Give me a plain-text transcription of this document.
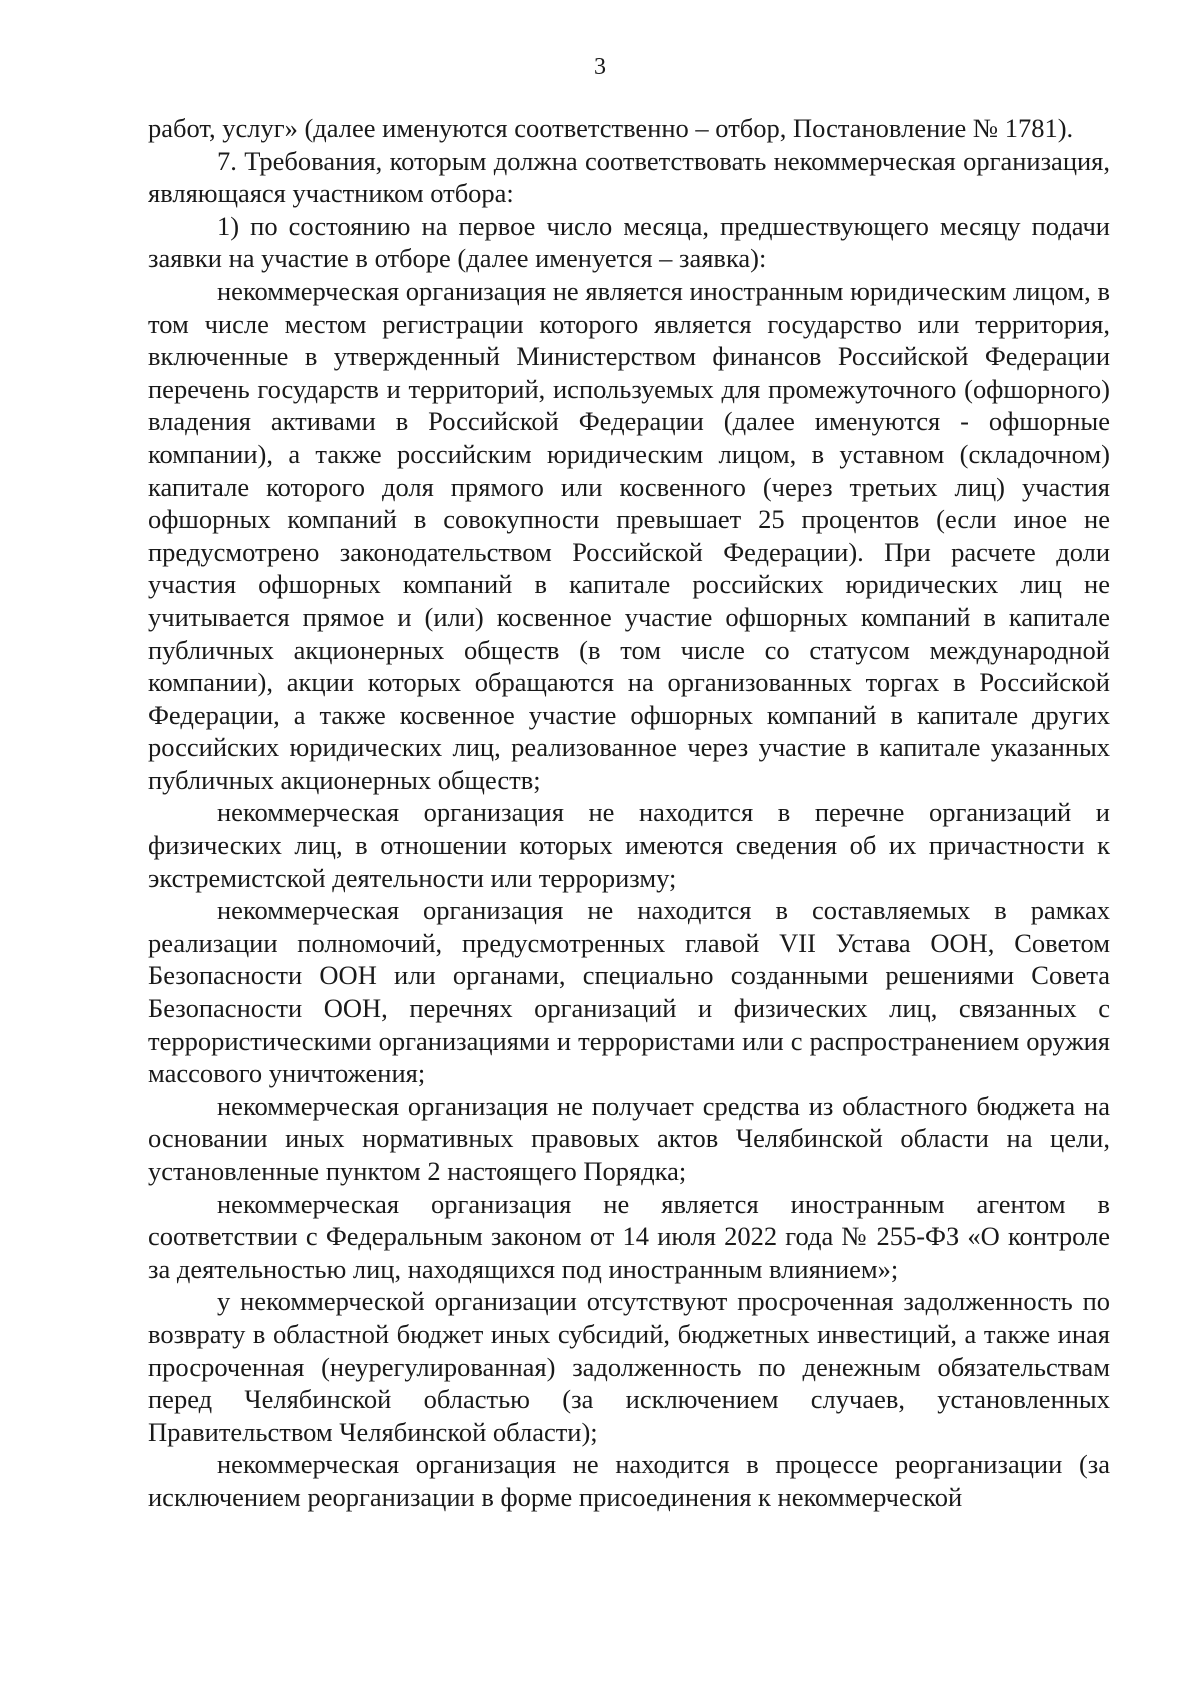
3

работ, услуг» (далее именуются соответственно – отбор, Постановление № 1781).

7. Требования, которым должна соответствовать некоммерческая организация, являющаяся участником отбора:

1) по состоянию на первое число месяца, предшествующего месяцу подачи заявки на участие в отборе (далее именуется – заявка):

некоммерческая организация не является иностранным юридическим лицом, в том числе местом регистрации которого является государство или территория, включенные в утвержденный Министерством финансов Российской Федерации перечень государств и территорий, используемых для промежуточного (офшорного) владения активами в Российской Федерации (далее именуются - офшорные компании), а также российским юридическим лицом, в уставном (складочном) капитале которого доля прямого или косвенного (через третьих лиц) участия офшорных компаний в совокупности превышает 25 процентов (если иное не предусмотрено законодательством Российской Федерации). При расчете доли участия офшорных компаний в капитале российских юридических лиц не учитывается прямое и (или) косвенное участие офшорных компаний в капитале публичных акционерных обществ (в том числе со статусом международной компании), акции которых обращаются на организованных торгах в Российской Федерации, а также косвенное участие офшорных компаний в капитале других российских юридических лиц, реализованное через участие в капитале указанных публичных акционерных обществ;

некоммерческая организация не находится в перечне организаций и физических лиц, в отношении которых имеются сведения об их причастности к экстремистской деятельности или терроризму;

некоммерческая организация не находится в составляемых в рамках реализации полномочий, предусмотренных главой VII Устава ООН, Советом Безопасности ООН или органами, специально созданными решениями Совета Безопасности ООН, перечнях организаций и физических лиц, связанных с террористическими организациями и террористами или с распространением оружия массового уничтожения;

некоммерческая организация не получает средства из областного бюджета на основании иных нормативных правовых актов Челябинской области на цели, установленные пунктом 2 настоящего Порядка;

некоммерческая организация не является иностранным агентом в соответствии с Федеральным законом от 14 июля 2022 года № 255-ФЗ «О контроле за деятельностью лиц, находящихся под иностранным влиянием»;

у некоммерческой организации отсутствуют просроченная задолженность по возврату в областной бюджет иных субсидий, бюджетных инвестиций, а также иная просроченная (неурегулированная) задолженность по денежным обязательствам перед Челябинской областью (за исключением случаев, установленных Правительством Челябинской области);

некоммерческая организация не находится в процессе реорганизации (за исключением реорганизации в форме присоединения к некоммерческой
